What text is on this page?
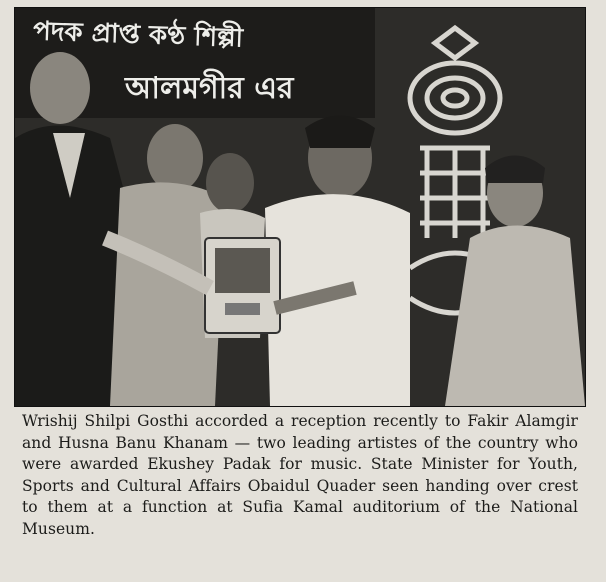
পদক প্রাপ্ত কণ্ঠ শিল্পী
আলমগীর এর
Wrishij Shilpi Gosthi accorded a reception recently to Fakir Alamgir and Husna Banu Khanam — two leading artistes of the country who were awarded Ekushey Padak for music. State Minister for Youth, Sports and Cultural Affairs Obaidul Quader seen handing over crest to them at a function at Sufia Kamal auditorium of the National Museum.
